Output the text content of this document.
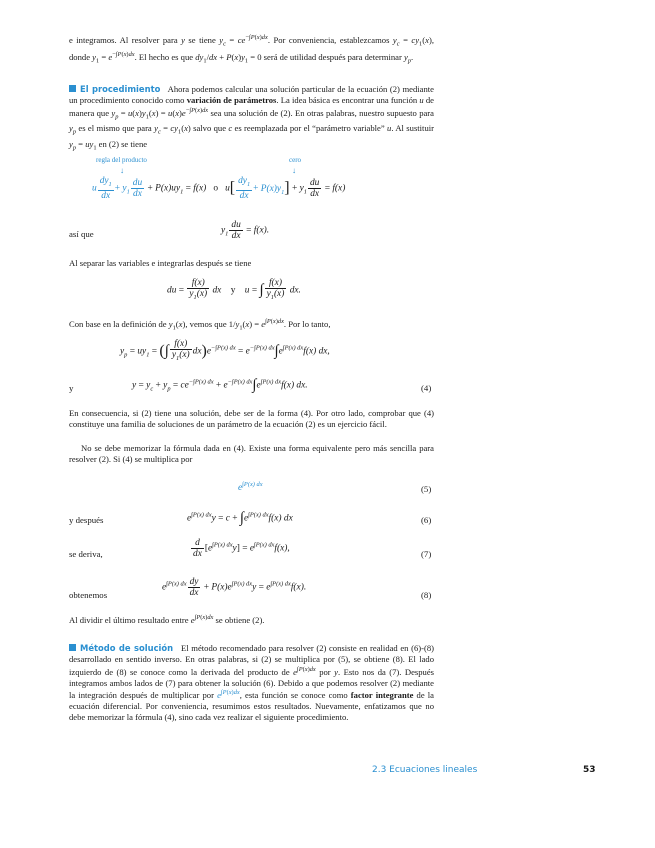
e integramos. Al resolver para y se tiene $y_c = ce^{-\int P(x)dx}$. Por conveniencia, establezcamos $y_c = cy_1(x)$, donde $y_1 = e^{-\int P(x)dx}$. El hecho es que $dy_1/dx + P(x)y_1 = 0$ será de utilidad después para determinar $y_p$.
El procedimiento   Ahora podemos calcular una solución particular de la ecuación (2) mediante un procedimiento conocido como variación de parámetros. La idea básica es encontrar una función u de manera que $y_p = u(x)y_1(x) = u(x)e^{-\int P(x)dx}$ sea una solución de (2). En otras palabras, nuestro supuesto para $y_p$ es el mismo que para $y_c = cy_1(x)$ salvo que c es reemplazada por el “parámetro variable” u. Al sustituir $y_p = uy_1$ en (2) se tiene
regla del producto
↓
cero
↓
u $\frac{dy_1}{dx} + y_1 \frac{du}{dx} + P(x)uy_1 = f(x)$   o   $u[ \frac{dy_1}{dx} + P(x)y_1] + y_1 \frac{du}{dx} = f(x)$
así que	$y_1 \frac{du}{dx} = f(x)$.
Al separar las variables e integrarlas después se tiene
du = $\frac{f(x)}{y_1(x)}$ dx    y    u = ∫ $\frac{f(x)}{y_1(x)}$ dx.
Con base en la definición de $y_1(x)$, vemos que $1/y_1(x) = e^{\int P(x)dx}$. Por lo tanto,
$y_p = uy_1$ = (∫ $\frac{f(x)}{y_1(x)} dx)e^{-\int P(x) dx} = e^{-\int P(x) dx}\int e^{\int P(x) dx}f(x)$ dx,
y	$y = y_c + y_p = ce^{-\int P(x) dx} + e^{-\int P(x) dx}\int e^{\int P(x) dx}f(x)$ dx.	(4)
En consecuencia, si (2) tiene una solución, debe ser de la forma (4). Por otro lado, comprobar que (4) constituye una familia de soluciones de un parámetro de la ecuación (2) es un ejercicio fácil.
No se debe memorizar la fórmula dada en (4). Existe una forma equivalente pero más sencilla para resolver (2). Si (4) se multiplica por
$e^{\int P(x) dx}$	(5)
y después	$e^{\int P(x) dx}y = c + \int e^{\int P(x) dx}f(x)$ dx	(6)
se deriva,	$\frac{d}{dx} [e^{\int P(x) dx}y] = e^{\int P(x) dx}f(x)$,
(7)
obtenemos
$e^{\int P(x) dx} \frac{dy}{dx} + P(x)e^{\int P(x) dx}y = e^{\int P(x) dx}f(x)$.
(8)
Al dividir el último resultado entre $e^{\int P(x)dx}$ se obtiene (2).
Método de solución   El método recomendado para resolver (2) consiste en realidad en (6)-(8) desarrollado en sentido inverso. En otras palabras, si (2) se multiplica por (5), se obtiene (8). El lado izquierdo de (8) se conoce como la derivada del producto de $e^{\int P(x)dx}$ por y. Esto nos da (7). Después integramos ambos lados de (7) para obtener la solución (6). Debido a que podemos resolver (2) mediante la integración después de multiplicar por $e^{\int P(x)dx}$, esta función se conoce como factor integrante de la ecuación diferencial. Por conveniencia, resumimos estos resultados. Nuevamente, enfatizamos que no debe memorizar la fórmula (4), sino cada vez realizar el siguiente procedimiento.
2.3 Ecuaciones lineales	53
